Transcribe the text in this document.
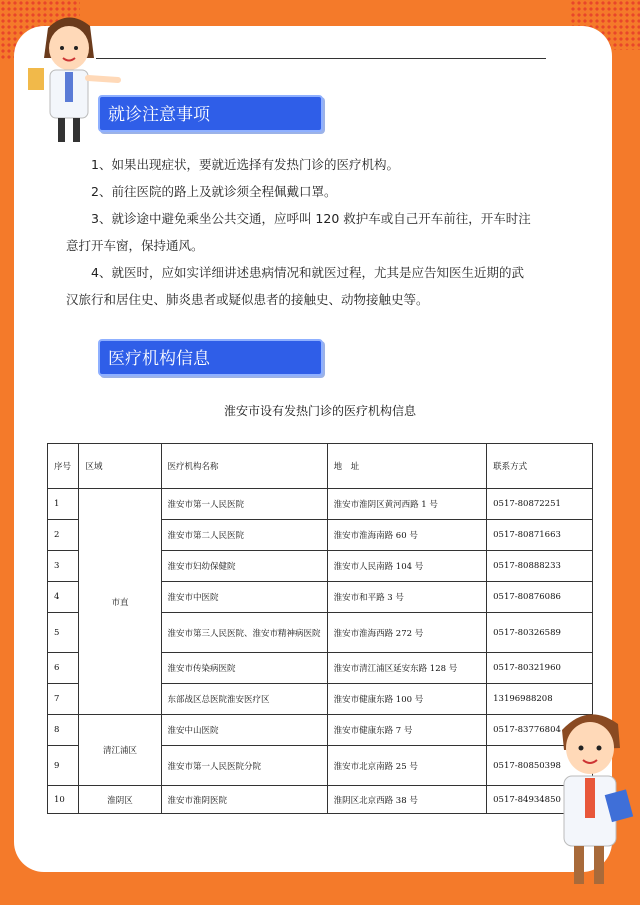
就诊注意事项

1、如果出现症状，要就近选择有发热门诊的医疗机构。

2、前往医院的路上及就诊须全程佩戴口罩。

3、就诊途中避免乘坐公共交通，应呼叫 120 救护车或自己开车前往，开车时注意打开车窗，保持通风。

4、就医时，应如实详细讲述患病情况和就医过程，尤其是应告知医生近期的武汉旅行和居住史、肺炎患者或疑似患者的接触史、动物接触史等。

医疗机构信息
淮安市设有发热门诊的医疗机构信息
序号	区域	医疗机构名称	地　址	联系方式
1	市直	淮安市第一人民医院	淮安市淮阴区黄河西路 1 号	0517-80872251
2		淮安市第二人民医院	淮安市淮海南路 60 号	0517-80871663
3		淮安市妇幼保健院	淮安市人民南路 104 号	0517-80888233
4		淮安市中医院	淮安市和平路 3 号	0517-80876086
5		淮安市第三人民医院、淮安市精神病医院	淮安市淮海西路 272 号	0517-80326589
6		淮安市传染病医院	淮安市清江浦区延安东路 128 号	0517-80321960
7		东部战区总医院淮安医疗区	淮安市健康东路 100 号	13196988208
8	清江浦区	淮安中山医院	淮安市健康东路 7 号	0517-83776804
9		淮安市第一人民医院分院	淮安市北京南路 25 号	0517-80850398
10	淮阴区	淮安市淮阴医院	淮阴区北京西路 38 号	0517-84934850
